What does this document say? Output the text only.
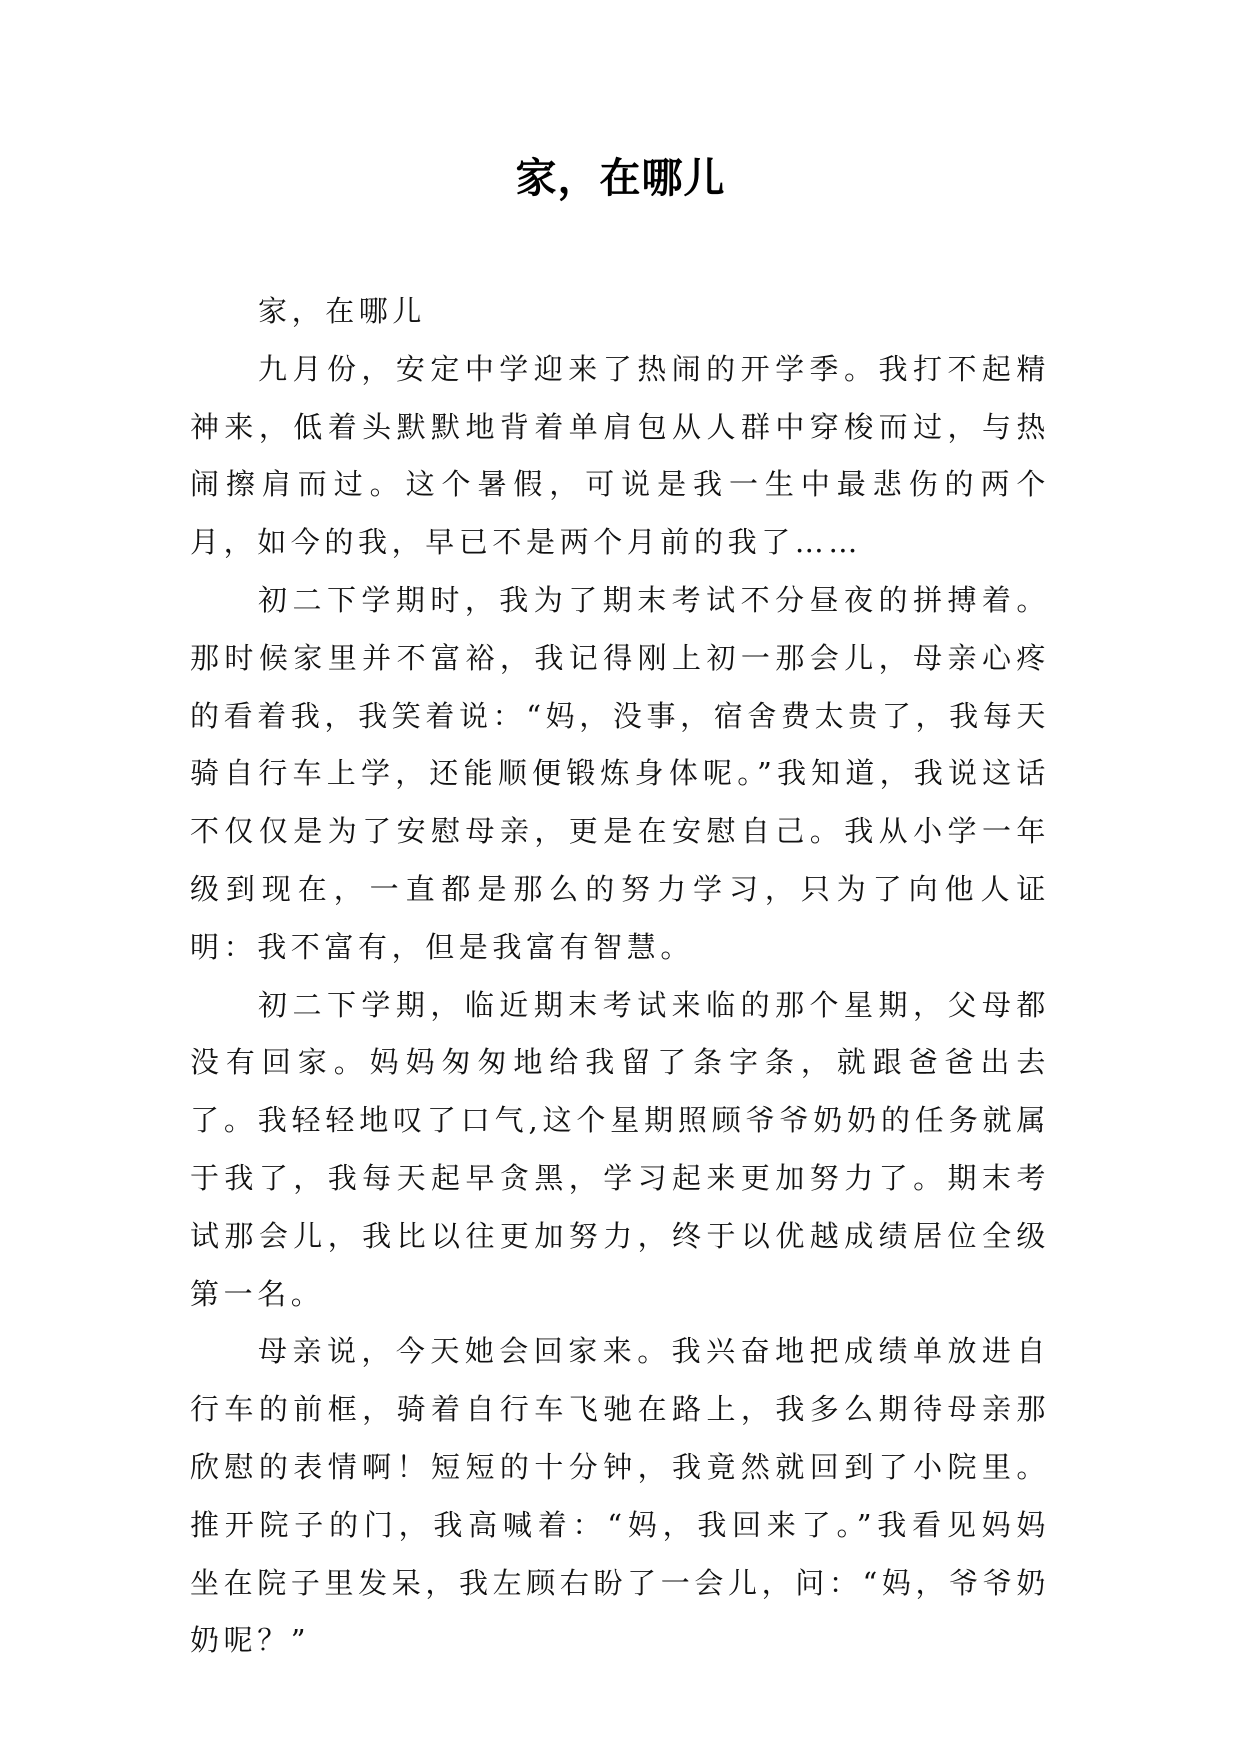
家，在哪儿

家，在哪儿

九月份，安定中学迎来了热闹的开学季。我打不起精神来，低着头默默地背着单肩包从人群中穿梭而过，与热闹擦肩而过。这个暑假，可说是我一生中最悲伤的两个月，如今的我，早已不是两个月前的我了……

初二下学期时，我为了期末考试不分昼夜的拼搏着。那时候家里并不富裕，我记得刚上初一那会儿，母亲心疼的看着我，我笑着说：“妈，没事，宿舍费太贵了，我每天骑自行车上学，还能顺便锻炼身体呢。”我知道，我说这话不仅仅是为了安慰母亲，更是在安慰自己。我从小学一年级到现在，一直都是那么的努力学习，只为了向他人证明：我不富有，但是我富有智慧。

初二下学期，临近期末考试来临的那个星期，父母都没有回家。妈妈匆匆地给我留了条字条，就跟爸爸出去了。我轻轻地叹了口气,这个星期照顾爷爷奶奶的任务就属于我了，我每天起早贪黑，学习起来更加努力了。期末考试那会儿，我比以往更加努力，终于以优越成绩居位全级第一名。

母亲说，今天她会回家来。我兴奋地把成绩单放进自行车的前框，骑着自行车飞驰在路上，我多么期待母亲那欣慰的表情啊！短短的十分钟，我竟然就回到了小院里。推开院子的门，我高喊着：“妈，我回来了。”我看见妈妈坐在院子里发呆，我左顾右盼了一会儿，问：“妈，爷爷奶奶呢？”
